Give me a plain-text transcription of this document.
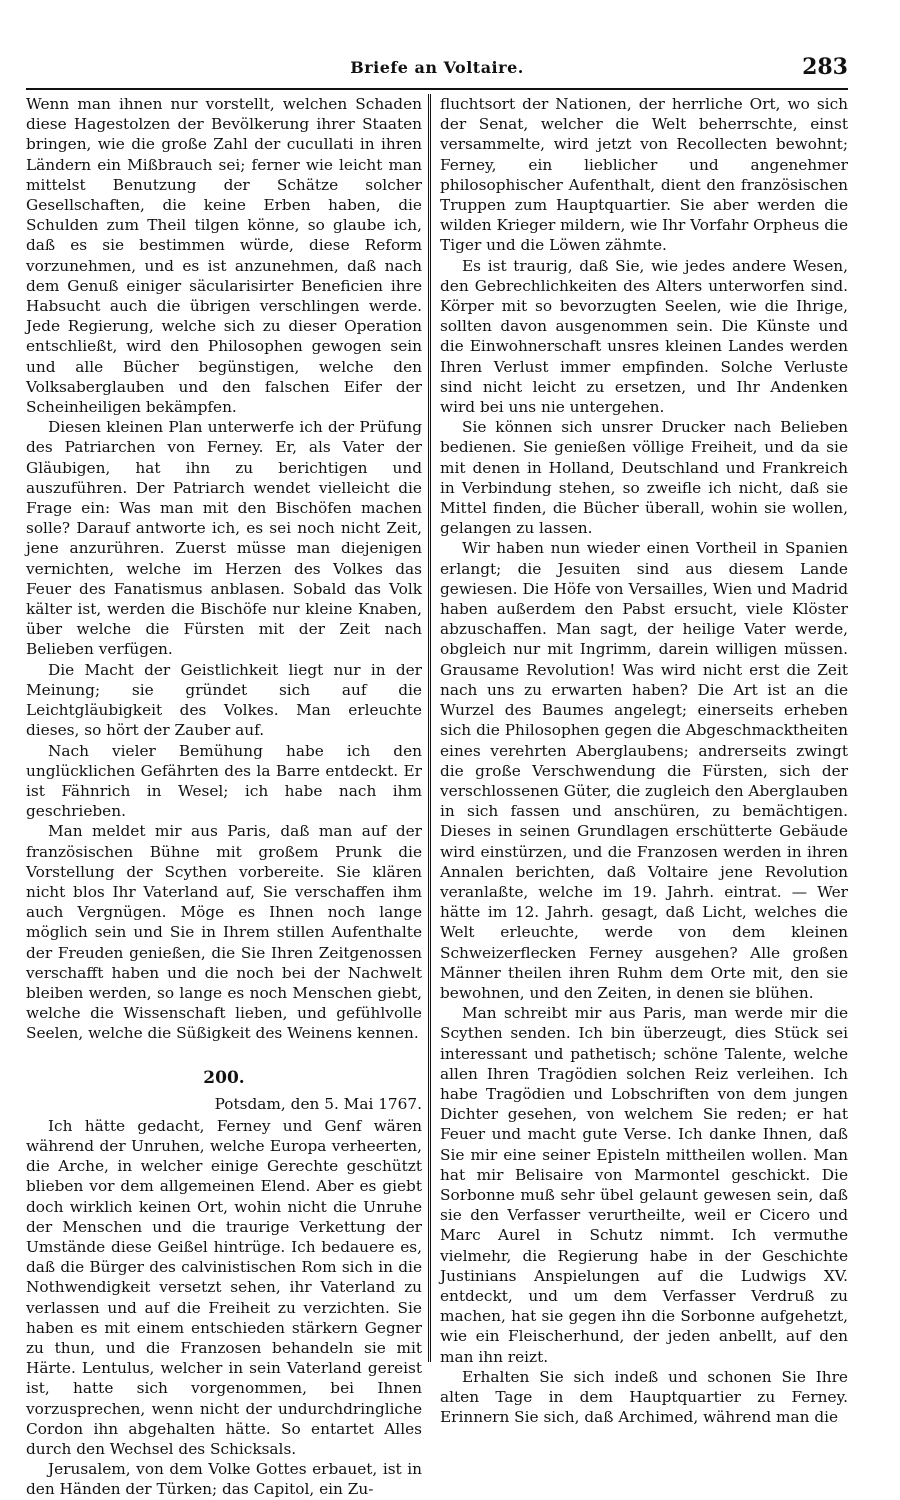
Briefe an Voltaire.	283

Wenn man ihnen nur vorstellt, welchen Schaden diese Hagestolzen der Bevölkerung ihrer Staaten bringen, wie die große Zahl der cucullati in ihren Ländern ein Mißbrauch sei; ferner wie leicht man mittelst Benutzung der Schätze solcher Gesellschaften, die keine Erben haben, die Schulden zum Theil tilgen könne, so glaube ich, daß es sie bestimmen würde, diese Reform vorzunehmen, und es ist anzunehmen, daß nach dem Genuß einiger säcularisirter Beneficien ihre Habsucht auch die übrigen verschlingen werde. Jede Regierung, welche sich zu dieser Operation entschließt, wird den Philosophen gewogen sein und alle Bücher begünstigen, welche den Volksaberglauben und den falschen Eifer der Scheinheiligen bekämpfen.

Diesen kleinen Plan unterwerfe ich der Prüfung des Patriarchen von Ferney. Er, als Vater der Gläubigen, hat ihn zu berichtigen und auszuführen. Der Patriarch wendet vielleicht die Frage ein: Was man mit den Bischöfen machen solle? Darauf antworte ich, es sei noch nicht Zeit, jene anzurühren. Zuerst müsse man diejenigen vernichten, welche im Herzen des Volkes das Feuer des Fanatismus anblasen. Sobald das Volk kälter ist, werden die Bischöfe nur kleine Knaben, über welche die Fürsten mit der Zeit nach Belieben verfügen.

Die Macht der Geistlichkeit liegt nur in der Meinung; sie gründet sich auf die Leichtgläubigkeit des Volkes. Man erleuchte dieses, so hört der Zauber auf.

Nach vieler Bemühung habe ich den unglücklichen Gefährten des la Barre entdeckt. Er ist Fähnrich in Wesel; ich habe nach ihm geschrieben.

Man meldet mir aus Paris, daß man auf der französischen Bühne mit großem Prunk die Vorstellung der Scythen vorbereite. Sie klären nicht blos Ihr Vaterland auf, Sie verschaffen ihm auch Vergnügen. Möge es Ihnen noch lange möglich sein und Sie in Ihrem stillen Aufenthalte der Freuden genießen, die Sie Ihren Zeitgenossen verschafft haben und die noch bei der Nachwelt bleiben werden, so lange es noch Menschen giebt, welche die Wissenschaft lieben, und gefühlvolle Seelen, welche die Süßigkeit des Weinens kennen.

200.
Potsdam, den 5. Mai 1767.

Ich hätte gedacht, Ferney und Genf wären während der Unruhen, welche Europa verheerten, die Arche, in welcher einige Gerechte geschützt blieben vor dem allgemeinen Elend. Aber es giebt doch wirklich keinen Ort, wohin nicht die Unruhe der Menschen und die traurige Verkettung der Umstände diese Geißel hintrüge. Ich bedauere es, daß die Bürger des calvinistischen Rom sich in die Nothwendigkeit versetzt sehen, ihr Vaterland zu verlassen und auf die Freiheit zu verzichten. Sie haben es mit einem entschieden stärkern Gegner zu thun, und die Franzosen behandeln sie mit Härte. Lentulus, welcher in sein Vaterland gereist ist, hatte sich vorgenommen, bei Ihnen vorzusprechen, wenn nicht der undurchdringliche Cordon ihn abgehalten hätte. So entartet Alles durch den Wechsel des Schicksals.

Jerusalem, von dem Volke Gottes erbauet, ist in den Händen der Türken; das Capitol, ein Zu-

fluchtsort der Nationen, der herrliche Ort, wo sich der Senat, welcher die Welt beherrschte, einst versammelte, wird jetzt von Recollecten bewohnt; Ferney, ein lieblicher und angenehmer philosophischer Aufenthalt, dient den französischen Truppen zum Hauptquartier. Sie aber werden die wilden Krieger mildern, wie Ihr Vorfahr Orpheus die Tiger und die Löwen zähmte.

Es ist traurig, daß Sie, wie jedes andere Wesen, den Gebrechlichkeiten des Alters unterworfen sind. Körper mit so bevorzugten Seelen, wie die Ihrige, sollten davon ausgenommen sein. Die Künste und die Einwohnerschaft unsres kleinen Landes werden Ihren Verlust immer empfinden. Solche Verluste sind nicht leicht zu ersetzen, und Ihr Andenken wird bei uns nie untergehen.

Sie können sich unsrer Drucker nach Belieben bedienen. Sie genießen völlige Freiheit, und da sie mit denen in Holland, Deutschland und Frankreich in Verbindung stehen, so zweifle ich nicht, daß sie Mittel finden, die Bücher überall, wohin sie wollen, gelangen zu lassen.

Wir haben nun wieder einen Vortheil in Spanien erlangt; die Jesuiten sind aus diesem Lande gewiesen. Die Höfe von Versailles, Wien und Madrid haben außerdem den Pabst ersucht, viele Klöster abzuschaffen. Man sagt, der heilige Vater werde, obgleich nur mit Ingrimm, darein willigen müssen. Grausame Revolution! Was wird nicht erst die Zeit nach uns zu erwarten haben? Die Art ist an die Wurzel des Baumes angelegt; einerseits erheben sich die Philosophen gegen die Abgeschmacktheiten eines verehrten Aberglaubens; andrerseits zwingt die große Verschwendung die Fürsten, sich der verschlossenen Güter, die zugleich den Aberglauben in sich fassen und anschüren, zu bemächtigen. Dieses in seinen Grundlagen erschütterte Gebäude wird einstürzen, und die Franzosen werden in ihren Annalen berichten, daß Voltaire jene Revolution veranlaßte, welche im 19. Jahrh. eintrat. — Wer hätte im 12. Jahrh. gesagt, daß Licht, welches die Welt erleuchte, werde von dem kleinen Schweizerflecken Ferney ausgehen? Alle großen Männer theilen ihren Ruhm dem Orte mit, den sie bewohnen, und den Zeiten, in denen sie blühen.

Man schreibt mir aus Paris, man werde mir die Scythen senden. Ich bin überzeugt, dies Stück sei interessant und pathetisch; schöne Talente, welche allen Ihren Tragödien solchen Reiz verleihen. Ich habe Tragödien und Lobschriften von dem jungen Dichter gesehen, von welchem Sie reden; er hat Feuer und macht gute Verse. Ich danke Ihnen, daß Sie mir eine seiner Episteln mittheilen wollen. Man hat mir Belisaire von Marmontel geschickt. Die Sorbonne muß sehr übel gelaunt gewesen sein, daß sie den Verfasser verurtheilte, weil er Cicero und Marc Aurel in Schutz nimmt. Ich vermuthe vielmehr, die Regierung habe in der Geschichte Justinians Anspielungen auf die Ludwigs XV. entdeckt, und um dem Verfasser Verdruß zu machen, hat sie gegen ihn die Sorbonne aufgehetzt, wie ein Fleischerhund, der jeden anbellt, auf den man ihn reizt.

Erhalten Sie sich indeß und schonen Sie Ihre alten Tage in dem Hauptquartier zu Ferney. Erinnern Sie sich, daß Archimed, während man die
